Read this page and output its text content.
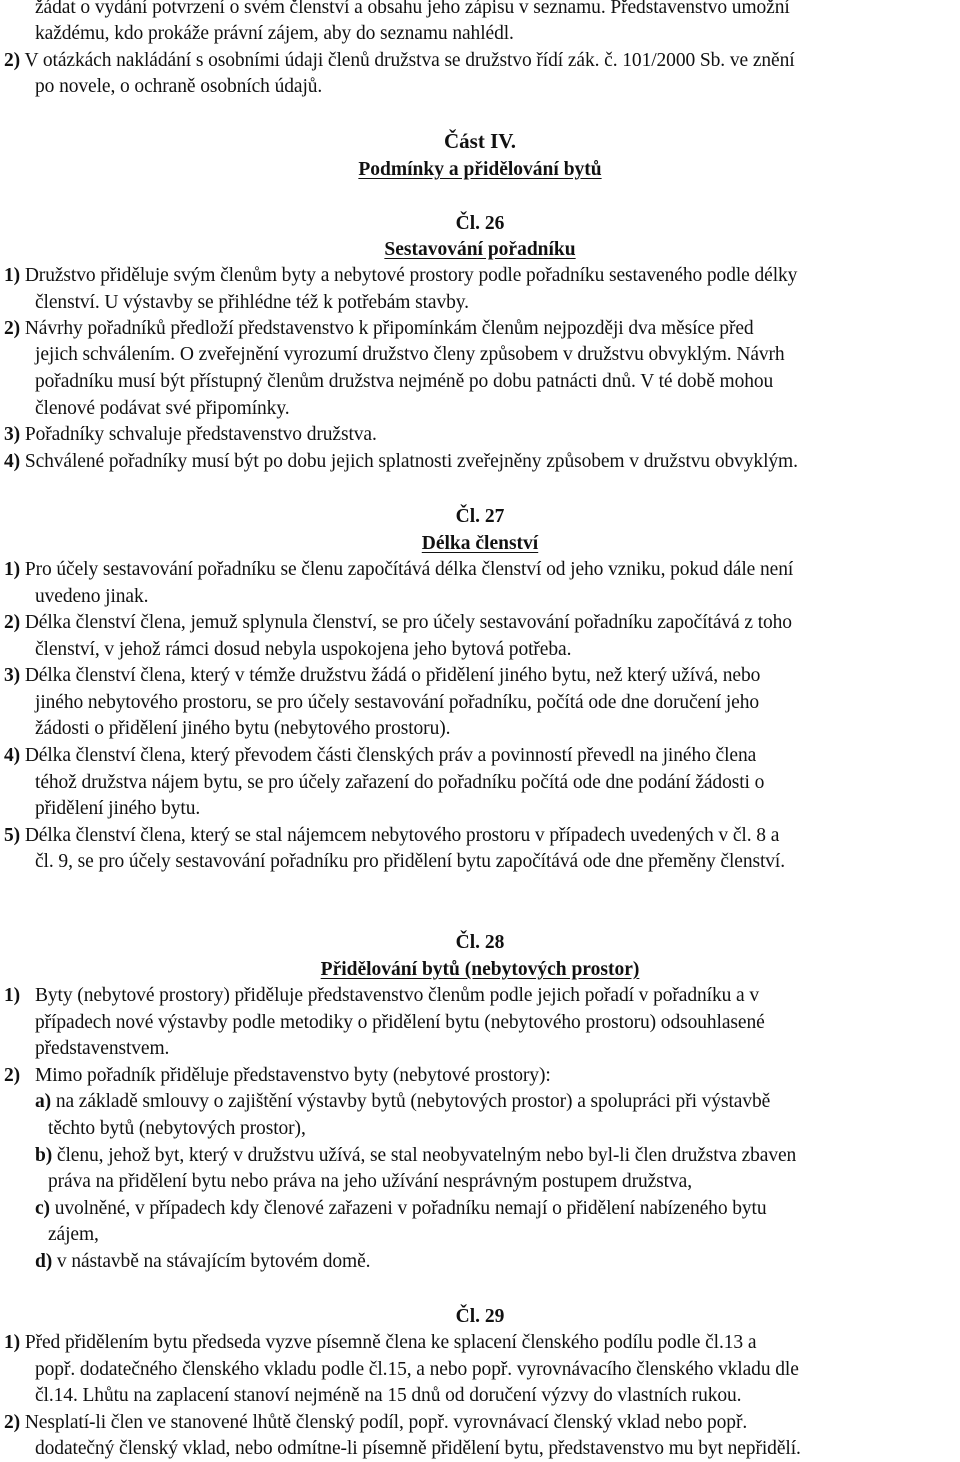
žádat o vydání potvrzení o svém členství a obsahu jeho zápisu v seznamu. Představenstvo umožní
každému, kdo prokáže právní zájem, aby do seznamu nahlédl.
2) V otázkách nakládání s osobními údaji členů družstva se družstvo řídí zák. č. 101/2000 Sb. ve znění
po novele, o ochraně osobních údajů.
Část IV.
Podmínky a přidělování bytů
Čl. 26
Sestavování pořadníku
1) Družstvo přiděluje svým členům byty a nebytové prostory podle pořadníku sestaveného podle délky
členství. U výstavby se přihlédne též k potřebám stavby.
2) Návrhy pořadníků předloží představenstvo k připomínkám členům nejpozději dva měsíce před
jejich schválením. O zveřejnění vyrozumí družstvo členy způsobem v družstvu obvyklým. Návrh
pořadníku musí být přístupný členům družstva nejméně po dobu patnácti dnů. V té době mohou
členové podávat své připomínky.
3) Pořadníky schvaluje představenstvo družstva.
4) Schválené pořadníky musí být po dobu jejich splatnosti zveřejněny způsobem v družstvu obvyklým.
Čl. 27
Délka členství
1) Pro účely sestavování pořadníku se členu započítává délka členství od jeho vzniku, pokud dále není
uvedeno jinak.
2) Délka členství člena, jemuž splynula členství, se pro účely sestavování pořadníku započítává z toho
členství, v jehož rámci dosud nebyla uspokojena jeho bytová potřeba.
3) Délka členství člena, který v témže družstvu žádá o přidělení jiného bytu, než který užívá, nebo
jiného nebytového prostoru, se pro účely sestavování pořadníku, počítá ode dne doručení jeho
žádosti o přidělení jiného bytu (nebytového prostoru).
4) Délka členství člena, který převodem části členských práv a povinností převedl na jiného člena
téhož družstva nájem bytu, se pro účely zařazení do pořadníku počítá ode dne podání žádosti o
přidělení jiného bytu.
5) Délka členství člena, který se stal nájemcem nebytového prostoru v případech uvedených v čl. 8 a
čl. 9, se pro účely sestavování pořadníku pro přidělení bytu započítává ode dne přeměny členství.
Čl. 28
Přidělování bytů (nebytových prostor)
1) Byty (nebytové prostory) přiděluje představenstvo členům podle jejich pořadí v pořadníku a v
případech nové výstavby podle metodiky o přidělení bytu (nebytového prostoru) odsouhlasené
představenstvem.
2) Mimo pořadník přiděluje představenstvo byty (nebytové prostory):
a) na základě smlouvy o zajištění výstavby bytů (nebytových prostor) a spolupráci při výstavbě
těchto bytů (nebytových prostor),
b) členu, jehož byt, který v družstvu užívá, se stal neobyvatelným nebo byl-li člen družstva zbaven
práva na přidělení bytu nebo práva na jeho užívání nesprávným postupem družstva,
c) uvolněné, v případech kdy členové zařazeni v pořadníku nemají o přidělení nabízeného bytu
zájem,
d) v nástavbě na stávajícím bytovém domě.
Čl. 29
1) Před přidělením bytu předseda vyzve písemně člena ke splacení členského podílu podle čl.13 a
popř. dodatečného členského vkladu podle čl.15, a nebo popř. vyrovnávacího členského vkladu dle
čl.14. Lhůtu na zaplacení stanoví nejméně na 15 dnů od doručení výzvy do vlastních rukou.
2) Nesplatí-li člen ve stanovené lhůtě členský podíl, popř. vyrovnávací členský vklad nebo popř.
dodatečný členský vklad, nebo odmítne-li písemně přidělení bytu, představenstvo mu byt nepřidělí.
